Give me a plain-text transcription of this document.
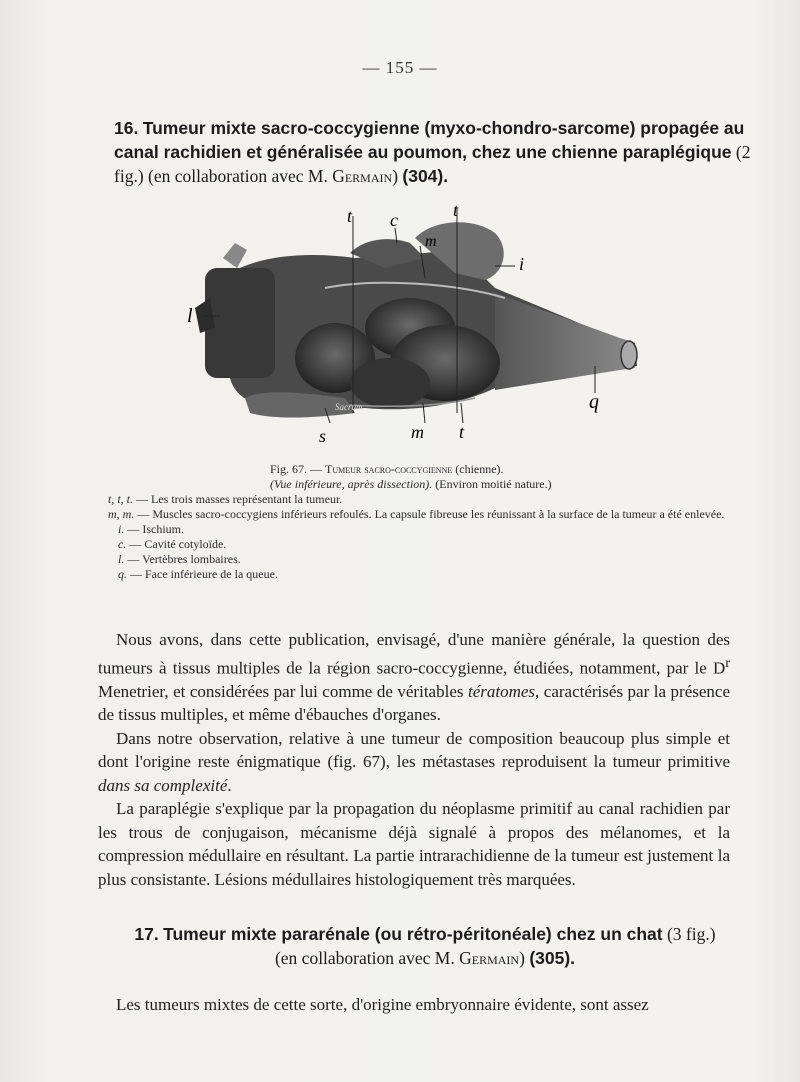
— 155 —
16. Tumeur mixte sacro-coccygienne (myxo-chondro-sarcome) propagée au canal rachidien et généralisée au poumon, chez une chienne paraplégique (2 fig.) (en collaboration avec M. Germain) (304).
t c	t
m
i
l
q
s	m t
Sacrum
Fig. 67. — Tumeur sacro-coccygienne (chienne).
(Vue inférieure, après dissection). (Environ moitié nature.)

t, t, t. — Les trois masses représentant la tumeur.

m, m. — Muscles sacro-coccygiens inférieurs refoulés. La capsule fibreuse les réunissant à la surface de la tumeur a été enlevée.

i. — Ischium.

c. — Cavité cotyloïde.

l. — Vertèbres lombaires.

q. — Face inférieure de la queue.

Nous avons, dans cette publication, envisagé, d'une manière générale, la question des tumeurs à tissus multiples de la région sacro-coccygienne, étudiées, notamment, par le $D^r$ Menetrier, et considérées par lui comme de véritables tératomes, caractérisés par la présence de tissus multiples, et même d'ébauches d'organes.

Dans notre observation, relative à une tumeur de composition beaucoup plus simple et dont l'origine reste énigmatique (fig. 67), les métastases reproduisent la tumeur primitive dans sa complexité.

La paraplégie s'explique par la propagation du néoplasme primitif au canal rachidien par les trous de conjugaison, mécanisme déjà signalé à propos des mélanomes, et la compression médullaire en résultant. La partie intrarachidienne de la tumeur est justement la plus consistante. Lésions médullaires histologiquement très marquées.

17. Tumeur mixte pararénale (ou rétro-péritonéale) chez un chat (3 fig.)
(en collaboration avec M. Germain) (305).

Les tumeurs mixtes de cette sorte, d'origine embryonnaire évidente, sont assez
